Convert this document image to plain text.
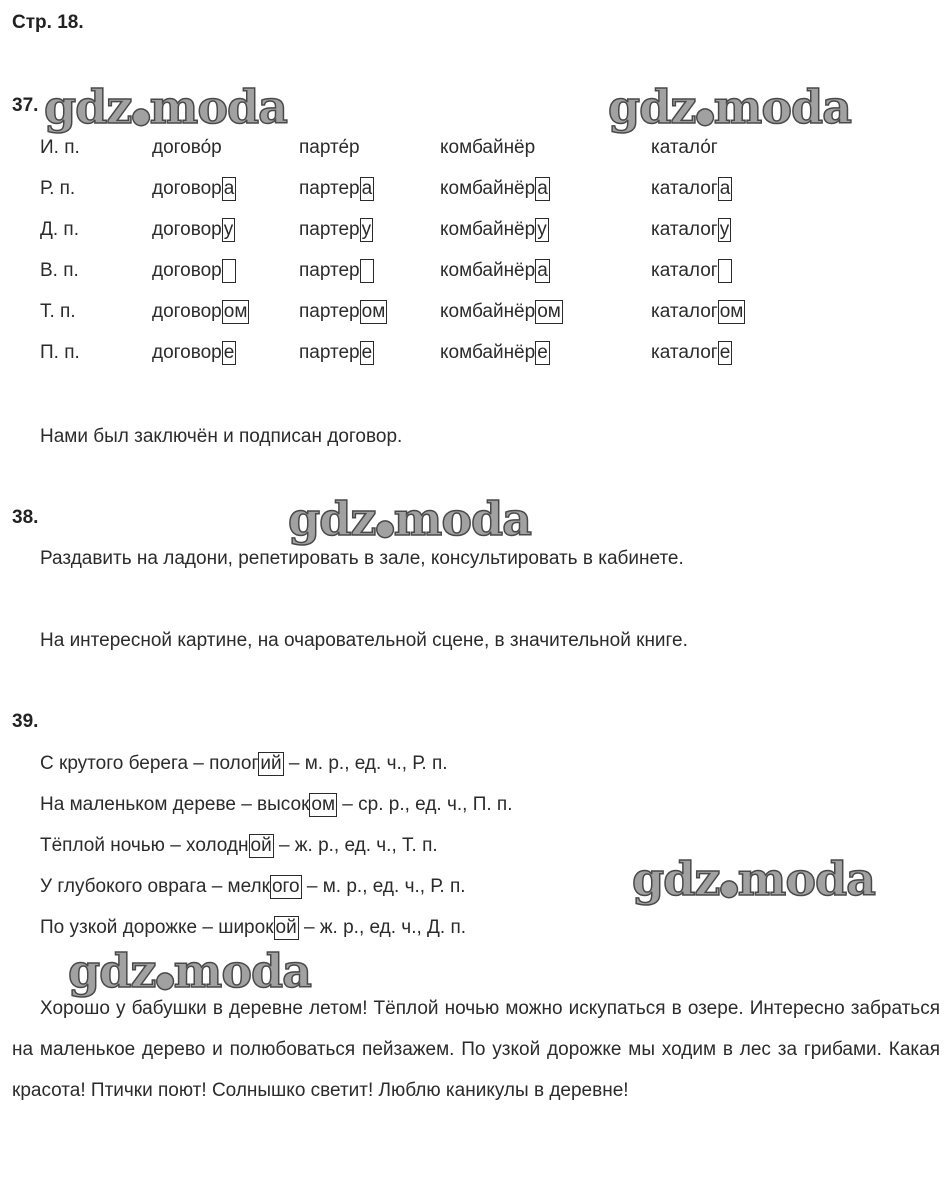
Стр. 18.
37.
И. п.	догово́р	парте́р	комбайнёр	катало́г
Р. п.	договор а	партер а	комбайнёр а	каталог а
Д. п.	договор у	партер у	комбайнёр у	каталог у
В. п.	договор	партер	комбайнёр а	каталог
Т. п.	договор ом	партер ом	комбайнёр ом	каталог ом
П. п.	договор е	партер е	комбайнёр е	каталог е
Нами был заключён и подписан договор.
38.
Раздавить на ладони, репетировать в зале, консультировать в кабинете.
На интересной картине, на очаровательной сцене, в значительной книге.
39.
С крутого берега – полог ий – м. р., ед. ч., Р. п.
На маленьком дереве – высок ом – ср. р., ед. ч., П. п.
Тёплой ночью – холодн ой – ж. р., ед. ч., Т. п.
У глубокого оврага – мелк ого – м. р., ед. ч., Р. п.
По узкой дорожке – широк ой – ж. р., ед. ч., Д. п.
Хорошо у бабушки в деревне летом! Тёплой ночью можно искупаться в озере. Интересно забраться на маленькое дерево и полюбоваться пейзажем. По узкой дорожке мы ходим в лес за грибами. Какая красота! Птички поют! Солнышко светит! Люблю каникулы в деревне!
gdz●moda	gdz●moda
gdz●moda
gdz●moda
gdz●moda
